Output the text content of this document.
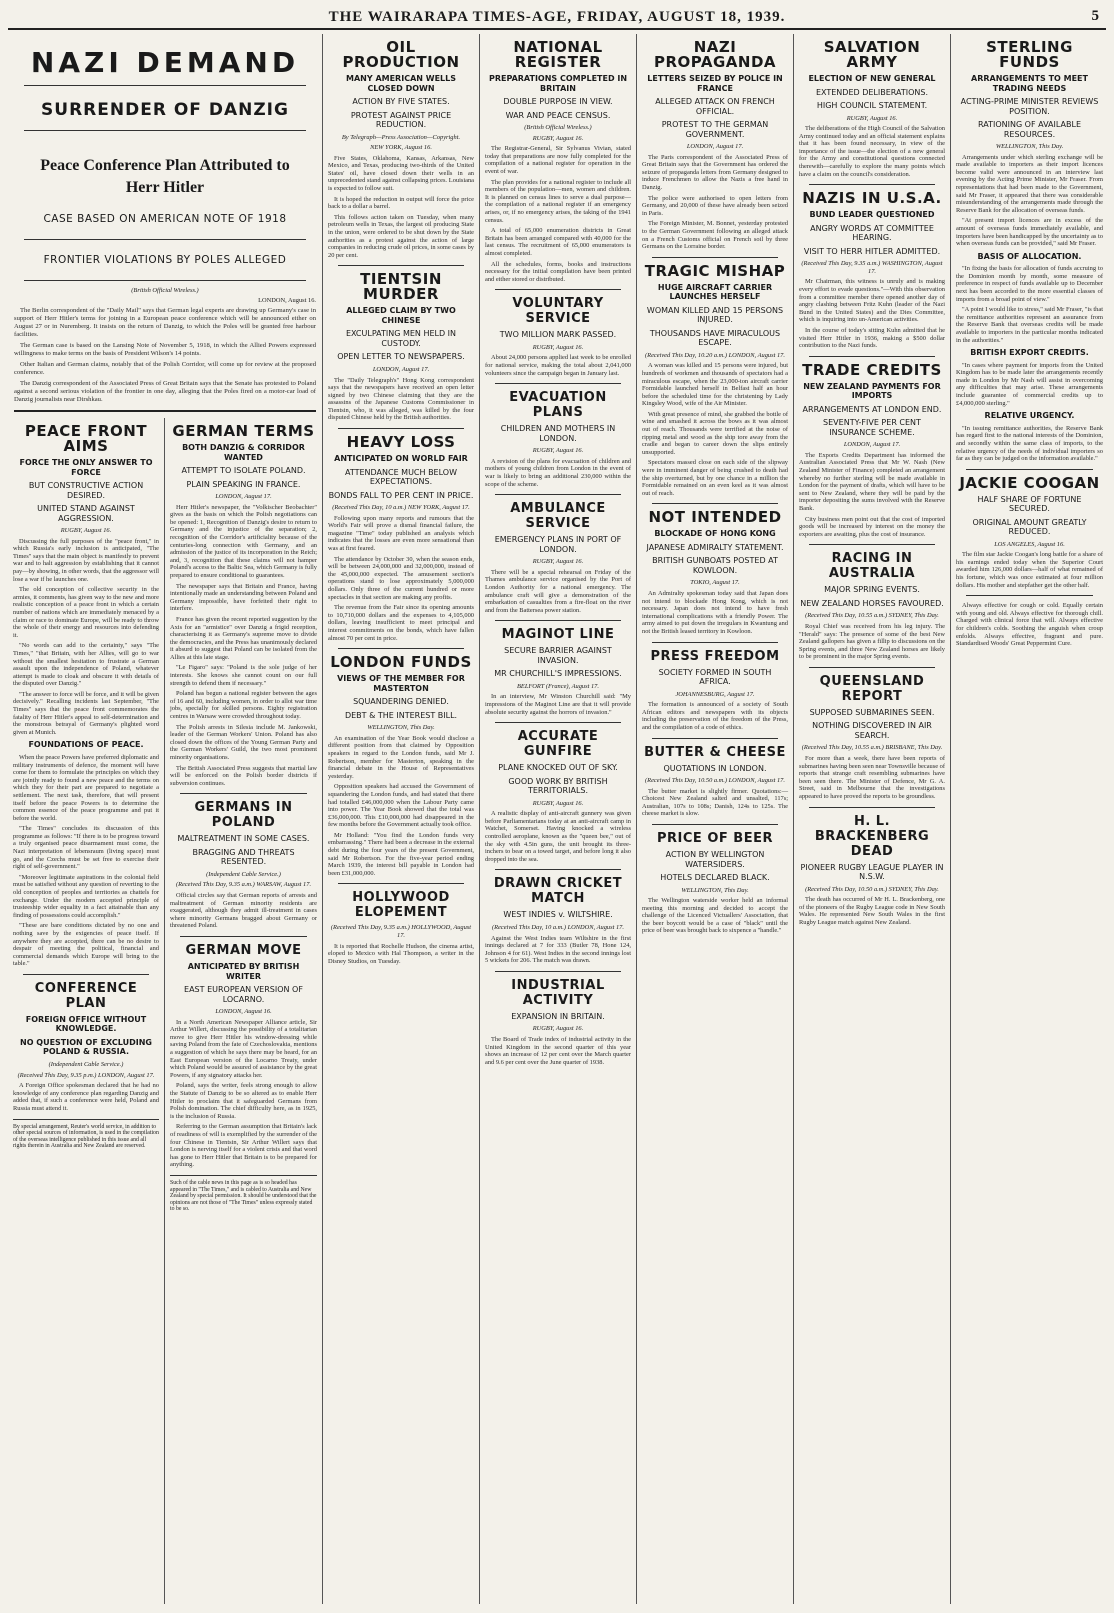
THE WAIRARAPA TIMES-AGE, FRIDAY, AUGUST 18, 1939.	5
NAZI DEMAND
SURRENDER OF DANZIG
Peace Conference Plan Attributed to Herr Hitler
CASE BASED ON AMERICAN NOTE OF 1918
FRONTIER VIOLATIONS BY POLES ALLEGED
(British Official Wireless.)
LONDON, August 16.

The Berlin correspondent of the "Daily Mail" says that German legal experts are drawing up Germany's case in support of Herr Hitler's terms for joining in a European peace conference which will be announced either on August 27 or in Nuremberg. It insists on the return of Danzig, to which the Poles will be granted free harbour facilities.

The German case is based on the Lansing Note of November 5, 1918, in which the Allied Powers expressed willingness to make terms on the basis of President Wilson's 14 points.

Other Italian and German claims, notably that of the Polish Corridor, will come up for review at the proposed conference.

The Danzig correspondent of the Associated Press of Great Britain says that the Senate has protested to Poland against a second serious violation of the frontier in one day, alleging that the Poles fired on a motor-car load of Danzig journalists near Dirshkau.

PEACE FRONT AIMS
FORCE THE ONLY ANSWER TO FORCE
BUT CONSTRUCTIVE ACTION DESIRED.
UNITED STAND AGAINST AGGRESSION.
RUGBY, August 16.

Discussing the full purposes of the "peace front," in which Russia's early inclusion is anticipated, "The Times" says that the main object is manifestly to prevent war and to halt aggression by establishing that it cannot pay—by showing, in other words, that the aggressor will lose a war if he launches one.

The old conception of collective security in the armies, it comments, has given way to the new and more realistic conception of a peace front in which a certain number of nations which are immediately menaced by a claim or race to dominate Europe, will be ready to throw the whole of their energy and resources into defending it.

"No words can add to the certainty," says "The Times," "that Britain, with her Allies, will go to war without the smallest hesitation to frustrate a German assault upon the independence of Poland, whatever attempt is made to cloak and obscure it with details of the disputed over Danzig."

"The answer to force will be force, and it will be given decisively." Recalling incidents last September, "The Times" says that the peace front commemorates the fatality of Herr Hitler's appeal to self-determination and the monstrous betrayal of Germany's plighted word given at Munich.

FOUNDATIONS OF PEACE.

When the peace Powers have preferred diplomatic and military instruments of defence, the moment will have come for them to formulate the principles on which they are jointly ready to found a new peace and the terms on which they for their part are prepared to negotiate a settlement. The next task, therefore, that will present itself before the peace Powers is to determine the common essence of the peace programme and put it before the world.

"The Times" concludes its discussion of this programme as follows: "If there is to be progress toward a truly organised peace disarmament must come, the Nazi interpretation of lebensraum (living space) must go, and the Czechs must be set free to exercise their right of self-government."

"Moreover legitimate aspirations in the colonial field must be satisfied without any question of reverting to the old conception of peoples and territories as chattels for exchange. Under the modern accepted principle of trusteeship wider equality in a fact attainable than any finding of possessions could accomplish."

"These are bare conditions dictated by no one and nothing save by the exigencies of peace itself. If anywhere they are accepted, there can be no desire to despair of meeting the political, financial and commercial demands which Europe will bring to the table."

CONFERENCE PLAN
FOREIGN OFFICE WITHOUT KNOWLEDGE.
NO QUESTION OF EXCLUDING POLAND & RUSSIA.
(Independent Cable Service.)
(Received This Day, 9.35 p.m.) LONDON, August 17.

A Foreign Office spokesman declared that he had no knowledge of any conference plan regarding Danzig and added that, if such a conference were held, Poland and Russia must attend it.

By special arrangement, Reuter's world service, in addition to other special sources of information, is used in the compilation of the overseas intelligence published in this issue and all rights therein in Australia and New Zealand are reserved.
GERMAN TERMS
BOTH DANZIG & CORRIDOR WANTED
ATTEMPT TO ISOLATE POLAND.
PLAIN SPEAKING IN FRANCE.
LONDON, August 17.

Herr Hitler's newspaper, the "Volkischer Beobachter" gives as the basis on which the Polish negotiations can be opened: 1, Recognition of Danzig's desire to return to Germany and the injustice of the separation; 2, recognition of the Corridor's artificiality because of the centuries-long connection with Germany, and an admission of the justice of its incorporation in the Reich; and, 3, recognition that these claims will not hamper Poland's access to the Baltic Sea, which Germany is fully prepared to ensure conditional to guarantees.

The newspaper says that Britain and France, having intentionally made an understanding between Poland and Germany impossible, have forfeited their right to interfere.

France has given the recent reported suggestion by the Axis for an "armistice" over Danzig a frigid reception, characterising it as Germany's supreme move to divide the democracies, and the Press has unanimously declared it absurd to suggest that Poland can be isolated from the Allies at this late stage.

"Le Figaro" says: "Poland is the sole judge of her interests. She knows she cannot count on our full strength to defend them if necessary."

Poland has begun a national register between the ages of 16 and 60, including women, in order to allot war time jobs, specially for skilled persons. Eighty registration centres in Warsaw were crowded throughout today.

The Polish arrests in Silesia include M. Jankowski, leader of the German Workers' Union. Poland has also closed down the offices of the Young German Party and the German Workers' Guild, the two most prominent minority organisations.

The British Associated Press suggests that martial law will be enforced on the Polish border districts if subversion continues.

GERMANS IN POLAND
MALTREATMENT IN SOME CASES.
BRAGGING AND THREATS RESENTED.
(Independent Cable Service.)
(Received This Day, 9.35 a.m.) WARSAW, August 17.

Official circles say that German reports of arrests and maltreatment of German minority residents are exaggerated, although they admit ill-treatment in cases where minority Germans bragged about Germany or threatened Poland.

GERMAN MOVE
ANTICIPATED BY BRITISH WRITER
EAST EUROPEAN VERSION OF LOCARNO.
LONDON, August 16.

In a North American Newspaper Alliance article, Sir Arthur Willert, discussing the possibility of a totalitarian move to give Herr Hitler his window-dressing while saving Poland from the fate of Czechoslovakia, mentions a suggestion of which he says there may be heard, for an East European version of the Locarno Treaty, under which Poland would be assured of assistance by the great Powers, if any signatory attacks her.

Poland, says the writer, feels strong enough to allow the Statute of Danzig to be so altered as to enable Herr Hitler to proclaim that it safeguarded Germans from Polish domination. The chief difficulty here, as in 1925, is the inclusion of Russia.

Referring to the German assumption that Britain's lack of readiness of will is exemplified by the surrender of the four Chinese in Tientsin, Sir Arthur Willert says that London is nerving itself for a violent crisis and that word has gone to Herr Hitler that Britain is to be prepared for anything.

Such of the cable news in this page as is so headed has appeared in "The Times," and is cabled to Australia and New Zealand by special permission. It should be understood that the opinions are not those of "The Times" unless expressly stated to be so.
OIL PRODUCTION
MANY AMERICAN WELLS CLOSED DOWN
ACTION BY FIVE STATES.
PROTEST AGAINST PRICE REDUCTION.
By Telegraph—Press Association—Copyright.
NEW YORK, August 16.

Five States, Oklahoma, Kansas, Arkansas, New Mexico, and Texas, producing two-thirds of the United States' oil, have closed down their wells in an unprecedented stand against collapsing prices. Louisiana is expected to follow suit.

It is hoped the reduction in output will force the price back to a dollar a barrel.

This follows action taken on Tuesday, when many petroleum wells in Texas, the largest oil producing State in the union, were ordered to be shut down by the State authorities as a protest against the action of large companies in reducing crude oil prices, in some cases by 20 per cent.

TIENTSIN MURDER
ALLEGED CLAIM BY TWO CHINESE
EXCULPATING MEN HELD IN CUSTODY.
OPEN LETTER TO NEWSPAPERS.
LONDON, August 17.

The "Daily Telegraph's" Hong Kong correspondent says that the newspapers have received an open letter signed by two Chinese claiming that they are the assassins of the Japanese Customs Commissioner in Tientsin, who, it was alleged, was killed by the four disputed Chinese held by the British authorities.

HEAVY LOSS
ANTICIPATED ON WORLD FAIR
ATTENDANCE MUCH BELOW EXPECTATIONS.
BONDS FALL TO PER CENT IN PRICE.
(Received This Day, 10 a.m.) NEW YORK, August 17.

Following upon many reports and rumours that the World's Fair will prove a dismal financial failure, the magazine "Time" today published an analysis which indicates that the losses are even more sensational than was at first feared.

The attendance by October 30, when the season ends, will be between 24,000,000 and 32,000,000, instead of the 45,000,000 expected. The amusement section's operations stand to lose approximately 5,000,000 dollars. Only three of the current hundred or more spectacles in that section are making any profits.

The revenue from the Fair since its opening amounts to 10,710,000 dollars and the expenses to 4,105,000 dollars, leaving insufficient to meet principal and interest commitments on the bonds, which have fallen almost 70 per cent in price.

LONDON FUNDS
VIEWS OF THE MEMBER FOR MASTERTON
SQUANDERING DENIED.
DEBT & THE INTEREST BILL.
WELLINGTON, This Day.

An examination of the Year Book would disclose a different position from that claimed by Opposition speakers in regard to the London funds, said Mr J. Robertson, member for Masterton, speaking in the financial debate in the House of Representatives yesterday.

Opposition speakers had accused the Government of squandering the London funds, and had stated that there had totalled £46,000,000 when the Labour Party came into power. The Year Book showed that the total was £36,000,000. This £10,000,000 had disappeared in the few months before the Government actually took office.

Mr Holland: "You find the London funds very embarrassing." There had been a decrease in the external debt during the four years of the present Government, said Mr Robertson. For the five-year period ending March 1939, the interest bill payable in London had been £31,000,000.

HOLLYWOOD ELOPEMENT
(Received This Day, 9.35 a.m.) HOLLYWOOD, August 17.

It is reported that Rochelle Hudson, the cinema artist, eloped to Mexico with Hal Thompson, a writer in the Disney Studios, on Tuesday.

NATIONAL REGISTER
PREPARATIONS COMPLETED IN BRITAIN
DOUBLE PURPOSE IN VIEW.
WAR AND PEACE CENSUS.
(British Official Wireless.)
RUGBY, August 16.

The Registrar-General, Sir Sylvanus Vivian, stated today that preparations are now fully completed for the compilation of a national register for operation in the event of war.

The plan provides for a national register to include all members of the population—men, women and children. It is planned on census lines to serve a dual purpose—the compilation of a national register if an emergency arises, or, if no emergency arises, the taking of the 1941 census.

A total of 65,000 enumeration districts in Great Britain has been arranged compared with 40,000 for the last census. The recruitment of 65,000 enumerators is almost completed.

All the schedules, forms, books and instructions necessary for the initial compilation have been printed and either stored or distributed.

VOLUNTARY SERVICE
TWO MILLION MARK PASSED.
RUGBY, August 16.

About 24,000 persons applied last week to be enrolled for national service, making the total about 2,041,000 volunteers since the campaign began in January last.

EVACUATION PLANS
CHILDREN AND MOTHERS IN LONDON.
RUGBY, August 16.

A revision of the plans for evacuation of children and mothers of young children from London in the event of war is likely to bring an additional 230,000 within the scope of the scheme.

AMBULANCE SERVICE
EMERGENCY PLANS IN PORT OF LONDON.
RUGBY, August 16.

There will be a special rehearsal on Friday of the Thames ambulance service organised by the Port of London Authority for a national emergency. The ambulance craft will give a demonstration of the embarkation of casualties from a fire-float on the river and from the Battersea power station.

MAGINOT LINE
SECURE BARRIER AGAINST INVASION.
MR CHURCHILL'S IMPRESSIONS.
BELFORT (France), August 17.

In an interview, Mr Winston Churchill said: "My impressions of the Maginot Line are that it will provide absolute security against the horrors of invasion."

ACCURATE GUNFIRE
PLANE KNOCKED OUT OF SKY.
GOOD WORK BY BRITISH TERRITORIALS.
RUGBY, August 16.

A realistic display of anti-aircraft gunnery was given before Parliamentarians today at an anti-aircraft camp in Watchet, Somerset. Having knocked a wireless controlled aeroplane, known as the "queen bee," out of the sky with 4.5in guns, the unit brought its three-inchers to bear on a towed target, and before long it also dropped into the sea.

DRAWN CRICKET MATCH
WEST INDIES v. WILTSHIRE.
(Received This Day, 10 a.m.) LONDON, August 17.

Against the West Indies team Wiltshire in the first innings declared at 7 for 333 (Butler 78, Hone 124, Johnson 4 for 61). West Indies in the second innings lost 5 wickets for 206. The match was drawn.

INDUSTRIAL ACTIVITY
EXPANSION IN BRITAIN.
RUGBY, August 16.

The Board of Trade index of industrial activity in the United Kingdom in the second quarter of this year shows an increase of 12 per cent over the March quarter and 9.6 per cent over the June quarter of 1938.

NAZI PROPAGANDA
LETTERS SEIZED BY POLICE IN FRANCE
ALLEGED ATTACK ON FRENCH OFFICIAL.
PROTEST TO THE GERMAN GOVERNMENT.
LONDON, August 17.

The Paris correspondent of the Associated Press of Great Britain says that the Government has ordered the seizure of propaganda letters from Germany designed to induce Frenchmen to allow the Nazis a free hand in Danzig.

The police were authorised to open letters from Germany, and 20,000 of these have already been seized in Paris.

The Foreign Minister, M. Bonnet, yesterday protested to the German Government following an alleged attack on a French Customs official on French soil by three Germans on the Lorraine border.

TRAGIC MISHAP
HUGE AIRCRAFT CARRIER LAUNCHES HERSELF
WOMAN KILLED AND 15 PERSONS INJURED.
THOUSANDS HAVE MIRACULOUS ESCAPE.
(Received This Day, 10.20 a.m.) LONDON, August 17.

A woman was killed and 15 persons were injured, but hundreds of workmen and thousands of spectators had a miraculous escape, when the 23,000-ton aircraft carrier Formidable launched herself in Belfast half an hour before the scheduled time for the christening by Lady Kingsley Wood, wife of the Air Minister.

With great presence of mind, she grabbed the bottle of wine and smashed it across the bows as it was almost out of reach. Thousands were terrified at the noise of ripping metal and wood as the ship tore away from the cradle and began to career down the slips entirely unsupported.

Spectators massed close on each side of the slipway were in imminent danger of being crushed to death had the ship overturned, but by one chance in a million the Formidable remained on an even keel as it was almost out of reach.

NOT INTENDED
BLOCKADE OF HONG KONG
JAPANESE ADMIRALTY STATEMENT.
BRITISH GUNBOATS POSTED AT KOWLOON.
TOKIO, August 17.

An Admiralty spokesman today said that Japan does not intend to blockade Hong Kong, which is not necessary. Japan does not intend to have fresh international complications with a friendly Power. The army aimed to put down the irregulars in Kwantung and not the British leased territory in Kowloon.

PRESS FREEDOM
SOCIETY FORMED IN SOUTH AFRICA.
JOHANNESBURG, August 17.

The formation is announced of a society of South African editors and newspapers with its objects including the preservation of the freedom of the Press, and the compilation of a code of ethics.

BUTTER & CHEESE
QUOTATIONS IN LONDON.
(Received This Day, 10.50 a.m.) LONDON, August 17.

The butter market is slightly firmer. Quotations:—Choicest New Zealand salted and unsalted, 117s; Australian, 107s to 108s; Danish, 124s to 125s. The cheese market is slow.

PRICE OF BEER
ACTION BY WELLINGTON WATERSIDERS.
HOTELS DECLARED BLACK.
WELLINGTON, This Day.

The Wellington waterside worker held an informal meeting this morning and decided to accept the challenge of the Licenced Victuallers' Association, that the beer boycott would be a case of "black" until the price of beer was brought back to sixpence a "handle."

SALVATION ARMY
ELECTION OF NEW GENERAL
EXTENDED DELIBERATIONS.
HIGH COUNCIL STATEMENT.
RUGBY, August 16.

The deliberations of the High Council of the Salvation Army continued today and an official statement explains that it has been found necessary, in view of the importance of the issue—the election of a new general for the Army and constitutional questions connected therewith—carefully to explore the many points which have a claim on the council's consideration.

NAZIS IN U.S.A.
BUND LEADER QUESTIONED
ANGRY WORDS AT COMMITTEE HEARING.
VISIT TO HERR HITLER ADMITTED.
(Received This Day, 9.35 a.m.) WASHINGTON, August 17.

Mr Chairman, this witness is unruly and is making every effort to evade questions."—With this observation from a committee member there opened another day of angry clashing between Fritz Kuhn (leader of the Nazi Bund in the United States) and the Dies Committee, which is inquiring into un-American activities.

In the course of today's sitting Kuhn admitted that he visited Herr Hitler in 1936, making a $500 dollar contribution to the Nazi funds.

TRADE CREDITS
NEW ZEALAND PAYMENTS FOR IMPORTS
ARRANGEMENTS AT LONDON END.
SEVENTY-FIVE PER CENT INSURANCE SCHEME.
LONDON, August 17.

The Exports Credits Department has informed the Australian Associated Press that Mr W. Nash (New Zealand Minister of Finance) completed an arrangement whereby no further sterling will be made available in London for the payment of drafts, which will have to be sent to New Zealand, where they will be paid by the importer depositing the sums involved with the Reserve Bank.

City business men point out that the cost of imported goods will be increased by interest on the money the exporters are awaiting, plus the cost of insurance.

RACING IN AUSTRALIA
MAJOR SPRING EVENTS.
NEW ZEALAND HORSES FAVOURED.
(Received This Day, 10.55 a.m.) SYDNEY, This Day.

Royal Chief was received from his leg injury. The "Herald" says: The presence of some of the best New Zealand gallopers has given a fillip to discussions on the Spring events, and three New Zealand horses are likely to be prominent in the major Spring events.

QUEENSLAND REPORT
SUPPOSED SUBMARINES SEEN.
NOTHING DISCOVERED IN AIR SEARCH.
(Received This Day, 10.55 a.m.) BRISBANE, This Day.

For more than a week, there have been reports of submarines having been seen near Townsville because of reports that strange craft resembling submarines have been seen there. The Minister of Defence, Mr G. A. Street, said in Melbourne that the investigations appeared to have proved the reports to be groundless.

H. L. BRACKENBERG DEAD
PIONEER RUGBY LEAGUE PLAYER IN N.S.W.
(Received This Day, 10.50 a.m.) SYDNEY, This Day.

The death has occurred of Mr H. L. Brackenberg, one of the pioneers of the Rugby League code in New South Wales. He represented New South Wales in the first Rugby League match against New Zealand.

STERLING FUNDS
ARRANGEMENTS TO MEET TRADING NEEDS
ACTING-PRIME MINISTER REVIEWS POSITION.
RATIONING OF AVAILABLE RESOURCES.
WELLINGTON, This Day.

Arrangements under which sterling exchange will be made available to importers as their import licences become valid were announced in an interview last evening by the Acting Prime Minister, Mr Fraser. From representations that had been made to the Government, said Mr Fraser, it appeared that there was considerable misunderstanding of the arrangements made through the Reserve Bank for the allocation of overseas funds.

"At present import licences are in excess of the amount of overseas funds immediately available, and importers have been handicapped by the uncertainty as to when overseas funds can be provided," said Mr Fraser.

BASIS OF ALLOCATION.

"In fixing the basis for allocation of funds accruing to the Dominion month by month, some measure of preference in respect of funds available up to December next has been accorded to the more essential classes of imports from a broad point of view."

"A point I would like to stress," said Mr Fraser, "is that the remittance authorities represent an assurance from the Reserve Bank that overseas credits will be made available to importers in the particular months indicated in the authorities."

BRITISH EXPORT CREDITS.

"In cases where payment for imports from the United Kingdom has to be made later the arrangements recently made in London by Mr Nash will assist in overcoming any difficulties that may arise. These arrangements include guarantee of commercial credits up to £4,000,000 sterling."

RELATIVE URGENCY.

"In issuing remittance authorities, the Reserve Bank has regard first to the national interests of the Dominion, and secondly within the same class of imports, to the relative urgency of the needs of individual importers so far as they can be judged on the information available."

JACKIE COOGAN
HALF SHARE OF FORTUNE SECURED.
ORIGINAL AMOUNT GREATLY REDUCED.
LOS ANGELES, August 16.

The film star Jackie Coogan's long battle for a share of his earnings ended today when the Superior Court awarded him 126,000 dollars—half of what remained of his fortune, which was once estimated at four million dollars. His mother and stepfather get the other half.

Always effective for cough or cold. Equally certain with young and old. Always effective for thorough chill. Charged with clinical force that will. Always effective for children's colds. Soothing the anguish when croup enfolds. Always effective, fragrant and pure. Standardised Woods' Great Peppermint Cure.
